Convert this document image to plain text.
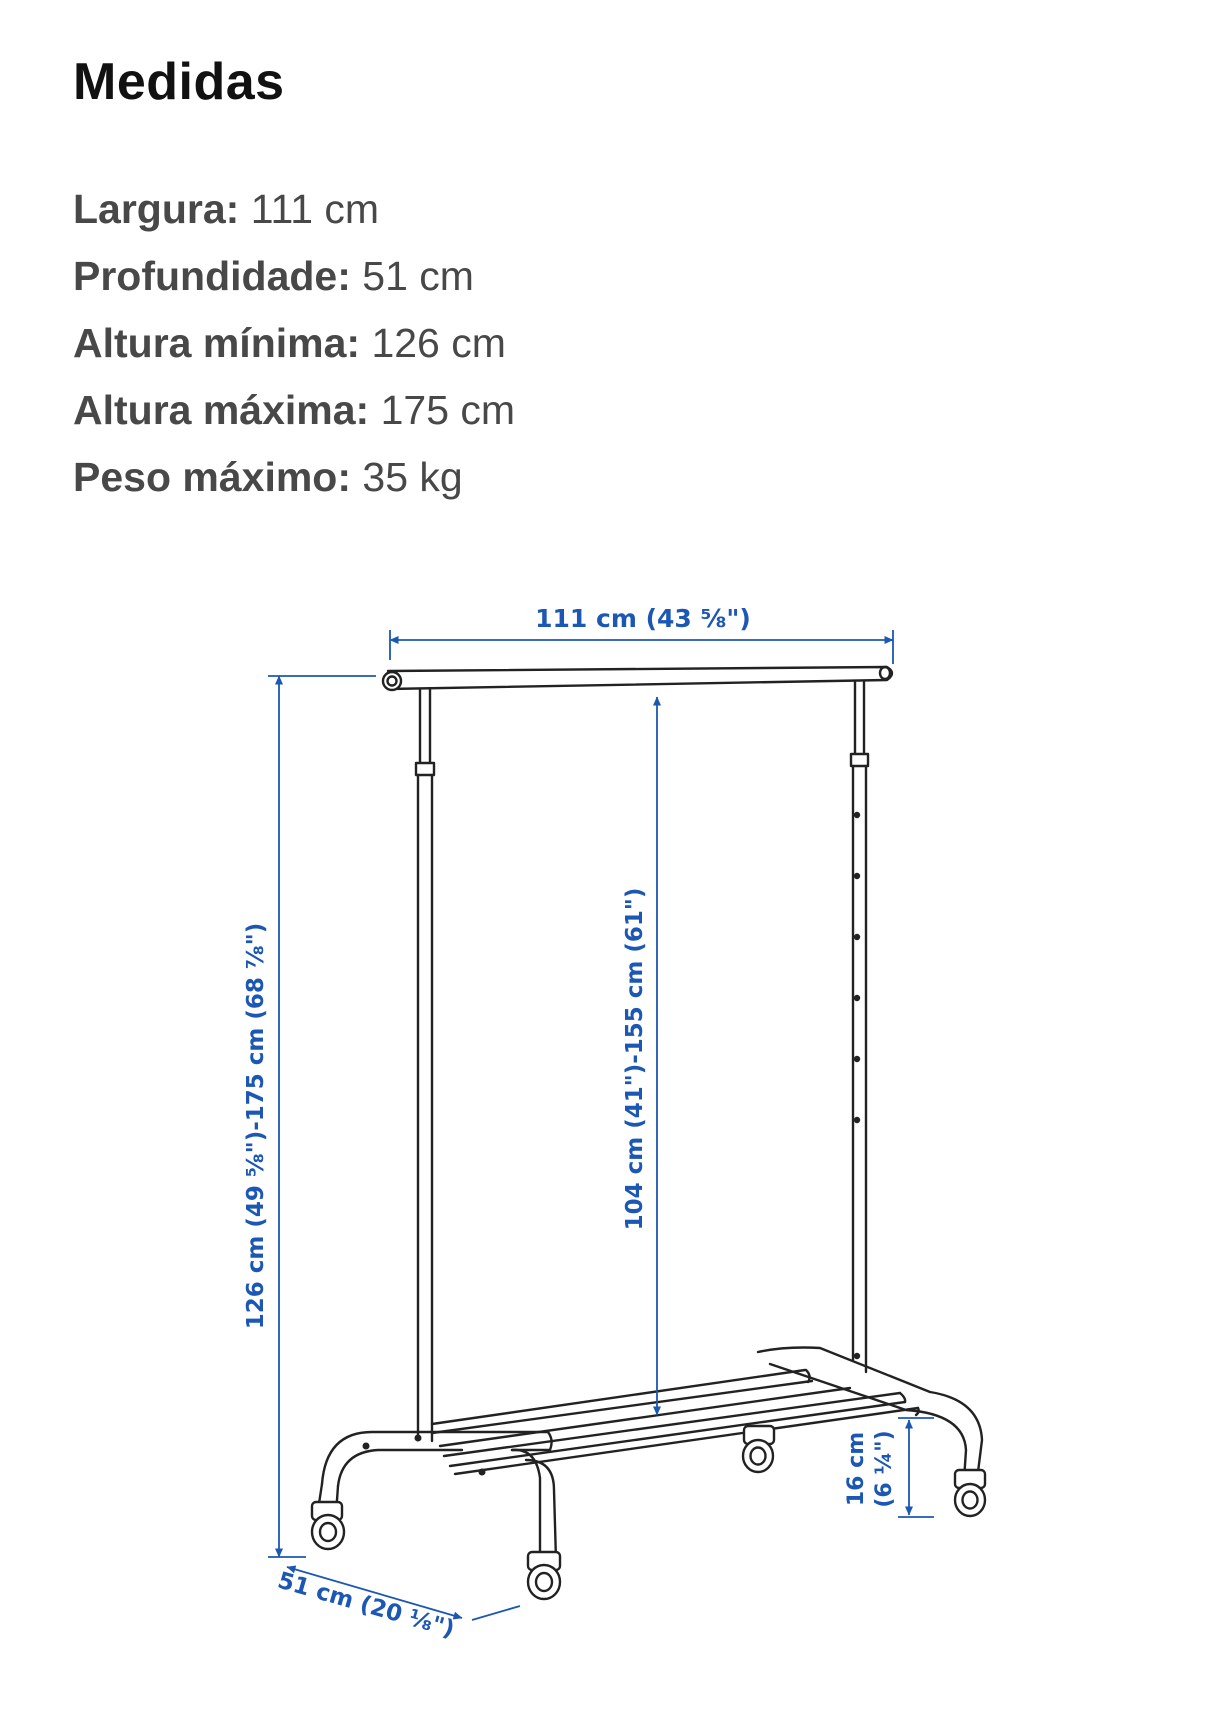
Medidas
Largura: 111 cm
Profundidade: 51 cm
Altura mínima: 126 cm
Altura máxima: 175 cm
Peso máximo: 35 kg
111 cm (43 ⅝")
126 cm (49 ⅝")-175 cm (68 ⅞")	104 cm (41")-155 cm (61")
16 cm (6 ¼")
51 cm (20 ⅛")
